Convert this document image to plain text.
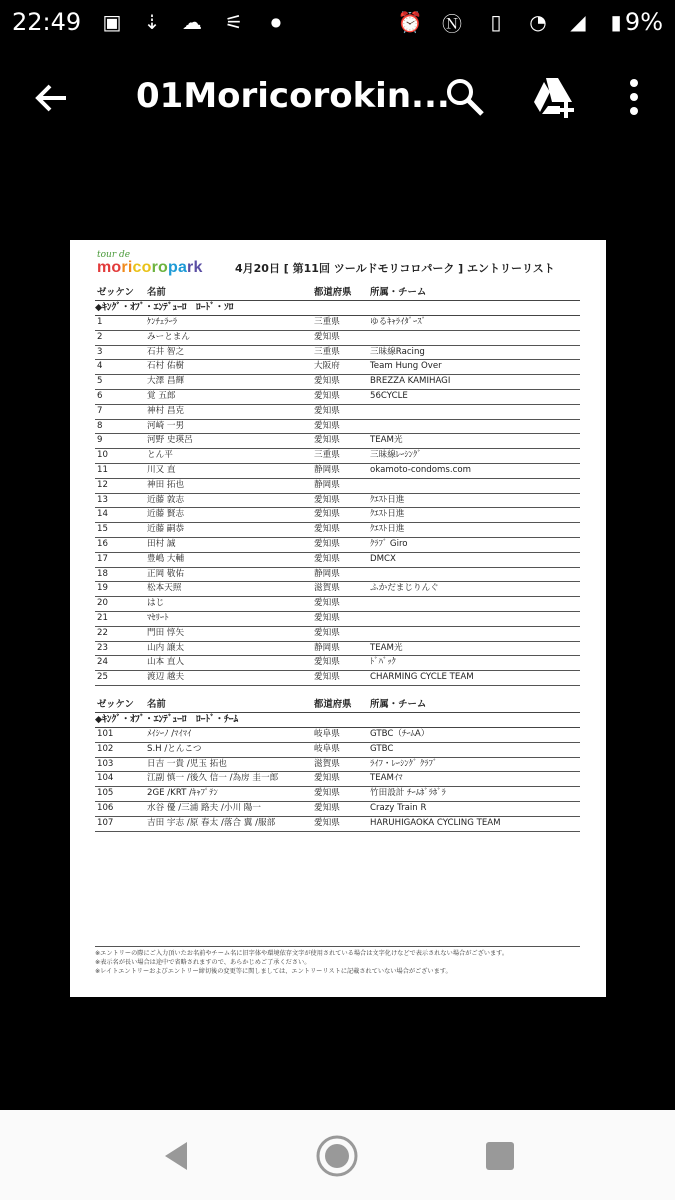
22:49 ▣ ⇣ ☁ ⚟	●	⏰ Ⓝ	▯	◔ ◢	▮ 9%
01Moricorokin...
tour de
moricoropark	4月20日 [ 第11回 ツールドモリコロパーク ] エントリーリスト
ゼッケン 名前	都道府県 所属・チーム
◆ｷﾝｸﾞ・ｵﾌﾞ・ｴﾝﾃﾞｭｰﾛ　ﾛｰﾄﾞ・ｿﾛ
1	ｹﾝﾁｪﾗｰﾗ	三重県	ゆるｷｬﾗｲﾀﾞｰｽﾞ
2	みーとまん	愛知県
3	石井 智之	三重県	三昧線Racing
4	石村 佑樹	大阪府	Team Hung Over
5	大澤 昌輝	愛知県	BREZZA KAMIHAGI
6	覚 五郎	愛知県	56CYCLE
7	神村 昌克	愛知県
8	河崎 一男	愛知県
9	河野 史瑛呂	愛知県	TEAM光
10	とん平	三重県	三昧線ﾚｰｼﾝｸﾞ
11	川又 直	静岡県	okamoto-condoms.com
12	神田 拓也	静岡県
13	近藤 敦志	愛知県	ｸｴｽﾄ日進
14	近藤 賢志	愛知県	ｸｴｽﾄ日進
15	近藤 嗣恭	愛知県	ｸｴｽﾄ日進
16	田村 誠	愛知県	ｸﾗﾌﾞ Giro
17	豊嶋 大輔	愛知県	DMCX
18	正岡 敬佑	静岡県
19	松本天照	滋賀県	ふかだまじりんぐ
20	はじ	愛知県
21	ﾏｾﾘｰﾄ	愛知県
22	門田 惇矢	愛知県
23	山内 譲太	静岡県	TEAM光
24	山本 直人	愛知県	ﾄﾞﾊﾞｯｸ
25	渡辺 越夫	愛知県	CHARMING CYCLE TEAM
ゼッケン 名前	都道府県 所属・チーム
◆ｷﾝｸﾞ・ｵﾌﾞ・ｴﾝﾃﾞｭｰﾛ　ﾛｰﾄﾞ・ﾁｰﾑ
101	ﾒｲｼｰﾉ /ﾏｲﾏｲ	岐阜県	GTBC（ﾁｰﾑA）
102	S.H /とんこつ	岐阜県	GTBC
103	日吉 一貴 /児玉 拓也	滋賀県	ﾗｲﾌ・ﾚｰｼﾝｸﾞ ｸﾗﾌﾞ
104	江副 慎一 /後久 信一 /為房 圭一郎	愛知県	TEAMｲﾏ
105	2GE /KRT /ｷｬﾌﾟﾃﾝ	愛知県	竹田設計 ﾁｰﾑﾎﾞﾗﾎﾞﾗ
106	水谷 優 /三浦 路夫 /小川 陽一	愛知県	Crazy Train R
107	吉田 宇志 /原 春太 /落合 翼 /服部	愛知県	HARUHIGAOKA CYCLING TEAM
※エントリーの際にご入力頂いたお名前やチーム名に旧字体や環境依存文字が使用されている場合は文字化けなどで表示されない場合がございます。
※表示名が長い場合は途中で省略されますので、あらかじめご了承ください。
※レイトエントリーおよびエントリー締切後の変更等に関しましては、エントリーリストに記載されていない場合がございます。
